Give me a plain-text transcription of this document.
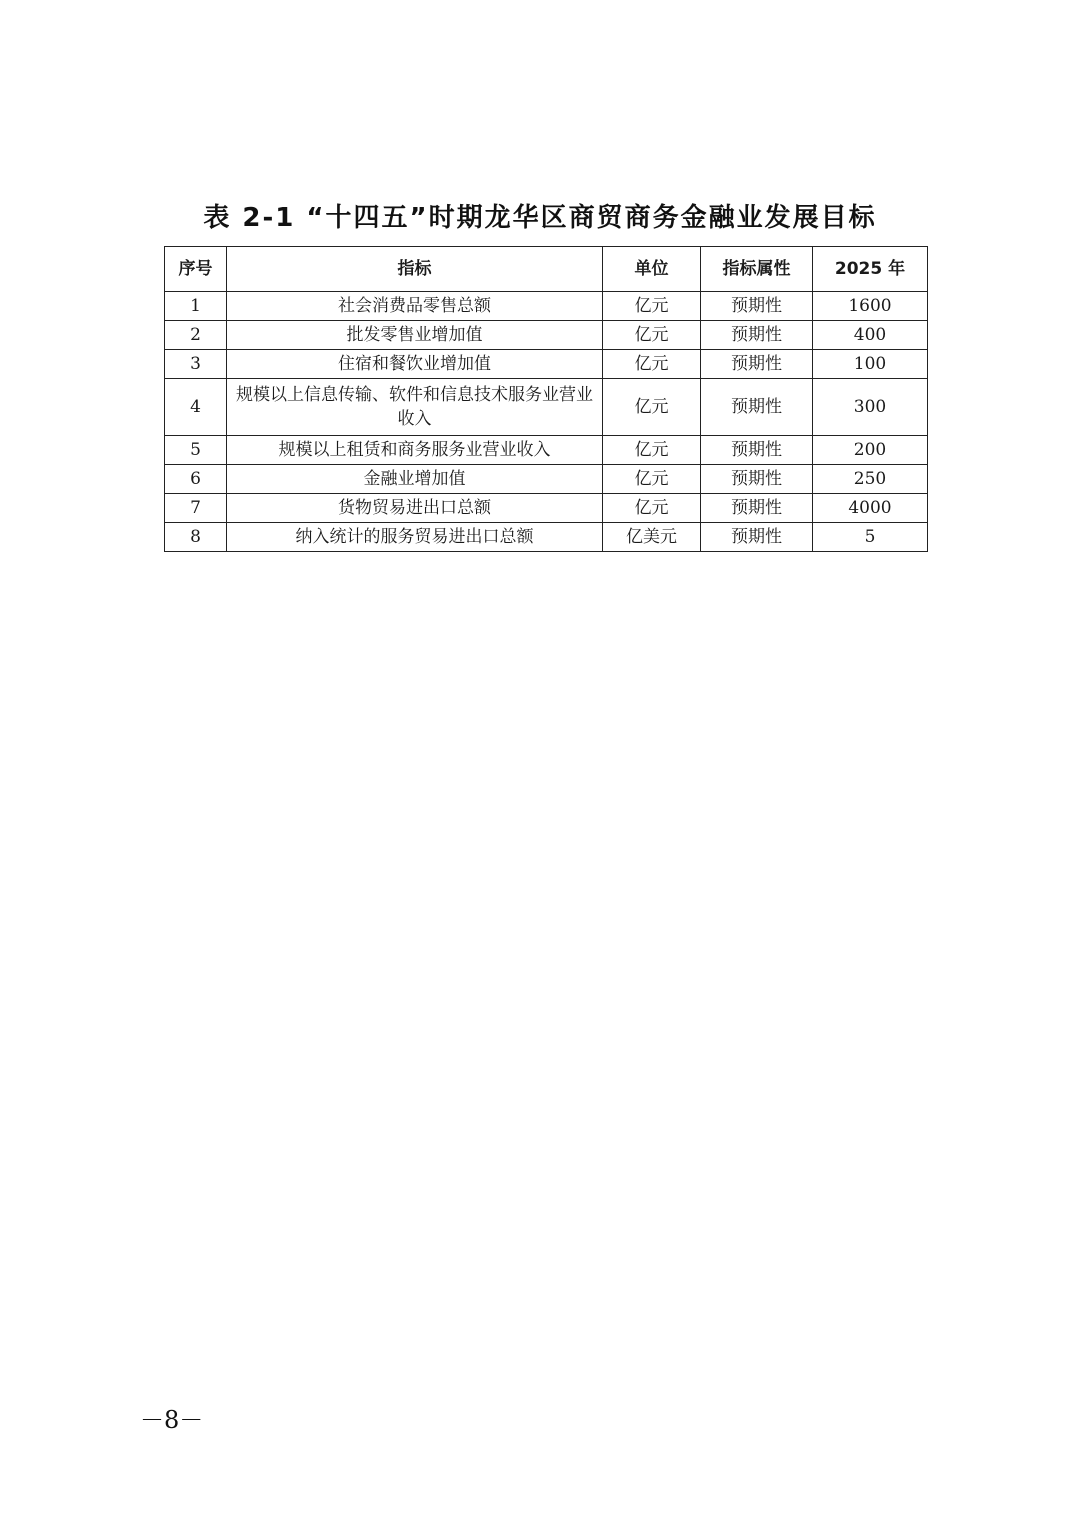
表 2-1 “十四五”时期龙华区商贸商务金融业发展目标
序号	指标	单位	指标属性	2025 年
1	社会消费品零售总额	亿元	预期性	1600
2	批发零售业增加值	亿元	预期性	400
3	住宿和餐饮业增加值	亿元	预期性	100
4	规模以上信息传输、软件和信息技术服务业营业收入	亿元	预期性	300
5	规模以上租赁和商务服务业营业收入	亿元	预期性	200
6	金融业增加值	亿元	预期性	250
7	货物贸易进出口总额	亿元	预期性	4000
8	纳入统计的服务贸易进出口总额	亿美元	预期性	5
－8－
